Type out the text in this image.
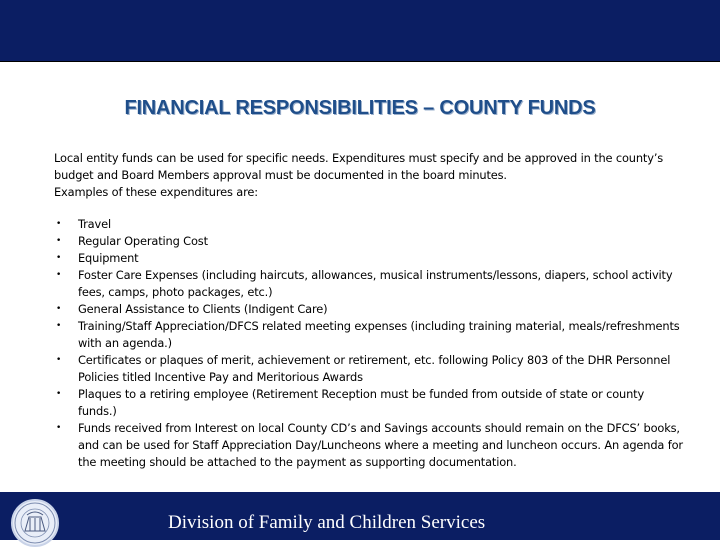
FINANCIAL RESPONSIBILITIES – COUNTY FUNDS

Local entity funds can be used for specific needs. Expenditures must specify and be approved in the county’s

budget and Board Members approval must be documented in the board minutes.

Examples of these expenditures are:

• Travel
• Regular Operating Cost
• Equipment
• Foster Care Expenses (including haircuts, allowances, musical instruments/lessons, diapers, school activity fees, camps, photo packages, etc.)
• General Assistance to Clients (Indigent Care)
• Training/Staff Appreciation/DFCS related meeting expenses (including training material, meals/refreshments with an agenda.)
• Certificates or plaques of merit, achievement or retirement, etc. following Policy 803 of the DHR Personnel Policies titled Incentive Pay and Meritorious Awards
• Plaques to a retiring employee (Retirement Reception must be funded from outside of state or county funds.)
• Funds received from Interest on local County CD’s and Savings accounts should remain on the DFCS’ books, and can be used for Staff Appreciation Day/Luncheons where a meeting and luncheon occurs. An agenda for the meeting should be attached to the payment as supporting documentation.
Division of Family and Children Services
